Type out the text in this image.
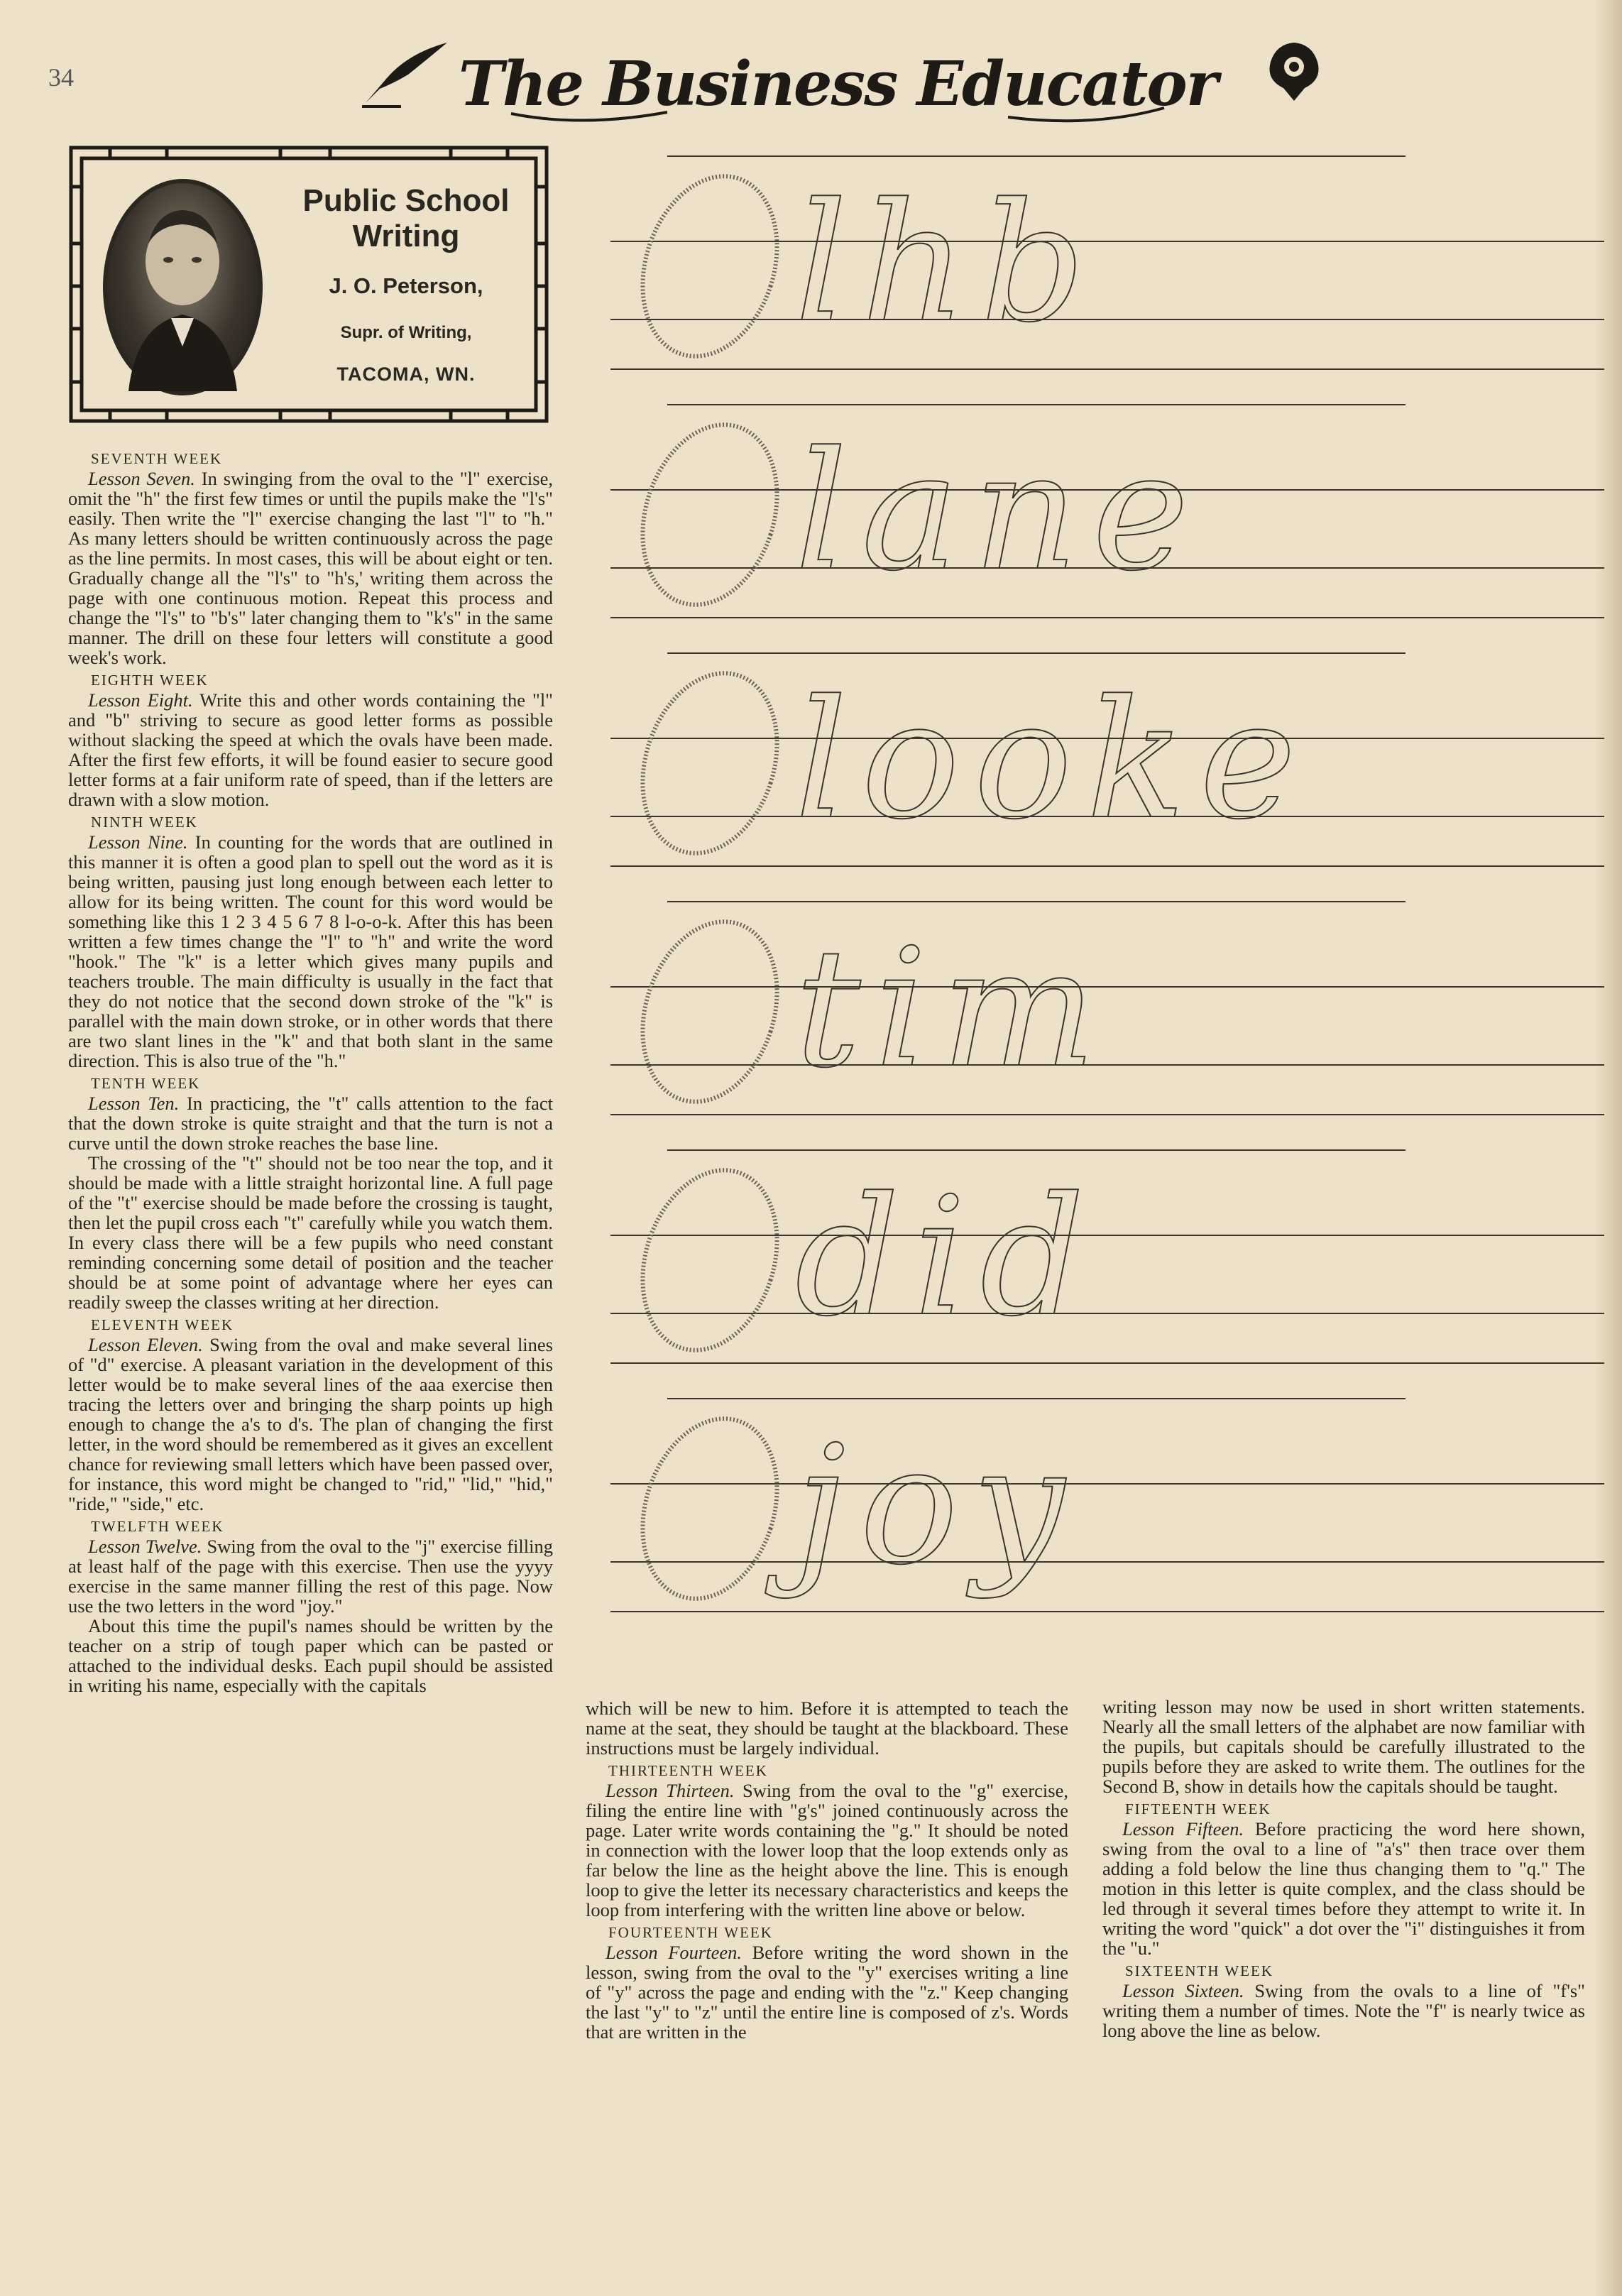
34	The Business Educator
Public School
Writing
J. O. Peterson,
Supr. of Writing,
TACOMA, WN.

SEVENTH WEEK

Lesson Seven. In swinging from the oval to the "l" exercise, omit the "h" the first few times or until the pupils make the "l's" easily. Then write the "l" exercise changing the last "l" to "h." As many letters should be written continuously across the page as the line permits. In most cases, this will be about eight or ten. Gradually change all the "l's" to "h's,' writing them across the page with one continuous motion. Repeat this process and change the "l's" to "b's" later changing them to "k's" in the same manner. The drill on these four letters will constitute a good week's work.

EIGHTH WEEK

Lesson Eight. Write this and other words containing the "l" and "b" striving to secure as good letter forms as possible without slacking the speed at which the ovals have been made. After the first few efforts, it will be found easier to secure good letter forms at a fair uniform rate of speed, than if the letters are drawn with a slow motion.

NINTH WEEK

Lesson Nine. In counting for the words that are outlined in this manner it is often a good plan to spell out the word as it is being written, pausing just long enough between each letter to allow for its being written. The count for this word would be something like this 1 2 3 4 5 6 7 8 l-o-o-k. After this has been written a few times change the "l" to "h" and write the word "hook." The "k" is a letter which gives many pupils and teachers trouble. The main difficulty is usually in the fact that they do not notice that the second down stroke of the "k" is parallel with the main down stroke, or in other words that there are two slant lines in the "k" and that both slant in the same direction. This is also true of the "h."

TENTH WEEK

Lesson Ten. In practicing, the "t" calls attention to the fact that the down stroke is quite straight and that the turn is not a curve until the down stroke reaches the base line.

The crossing of the "t" should not be too near the top, and it should be made with a little straight horizontal line. A full page of the "t" exercise should be made before the crossing is taught, then let the pupil cross each "t" carefully while you watch them. In every class there will be a few pupils who need constant reminding concerning some detail of position and the teacher should be at some point of advantage where her eyes can readily sweep the classes writing at her direction.

ELEVENTH WEEK

Lesson Eleven. Swing from the oval and make several lines of "d" exercise. A pleasant variation in the development of this letter would be to make several lines of the aaa exercise then tracing the letters over and bringing the sharp points up high enough to change the a's to d's. The plan of changing the first letter, in the word should be remembered as it gives an excellent chance for reviewing small letters which have been passed over, for instance, this word might be changed to "rid," "lid," "hid," "ride," "side," etc.

TWELFTH WEEK

Lesson Twelve. Swing from the oval to the "j" exercise filling at least half of the page with this exercise. Then use the yyyy exercise in the same manner filling the rest of this page. Now use the two letters in the word "joy."

About this time the pupil's names should be written by the teacher on a strip of tough paper which can be pasted or attached to the individual desks. Each pupil should be assisted in writing his name, especially with the capitals

which will be new to him. Before it is attempted to teach the name at the seat, they should be taught at the blackboard. These instructions must be largely individual.

THIRTEENTH WEEK

Lesson Thirteen. Swing from the oval to the "g" exercise, filing the entire line with "g's" joined continuously across the page. Later write words containing the "g." It should be noted in connection with the lower loop that the loop extends only as far below the line as the height above the line. This is enough loop to give the letter its necessary characteristics and keeps the loop from interfering with the written line above or below.

FOURTEENTH WEEK

Lesson Fourteen. Before writing the word shown in the lesson, swing from the oval to the "y" exercises writing a line of "y" across the page and ending with the "z." Keep changing the last "y" to "z" until the entire line is composed of z's. Words that are written in the

writing lesson may now be used in short written statements. Nearly all the small letters of the alphabet are now familiar with the pupils, but capitals should be carefully illustrated to the pupils before they are asked to write them. The outlines for the Second B, show in details how the capitals should be taught.

FIFTEENTH WEEK

Lesson Fifteen. Before practicing the word here shown, swing from the oval to a line of "a's" then trace over them adding a fold below the line thus changing them to "q." The motion in this letter is quite complex, and the class should be led through it several times before they attempt to write it. In writing the word "quick" a dot over the "i" distinguishes it from the "u."

SIXTEENTH WEEK

Lesson Sixteen. Swing from the ovals to a line of "f's" writing them a number of times. Note the "f" is nearly twice as long above the line as below.

lhb
lane
looke
tim
did
joy
